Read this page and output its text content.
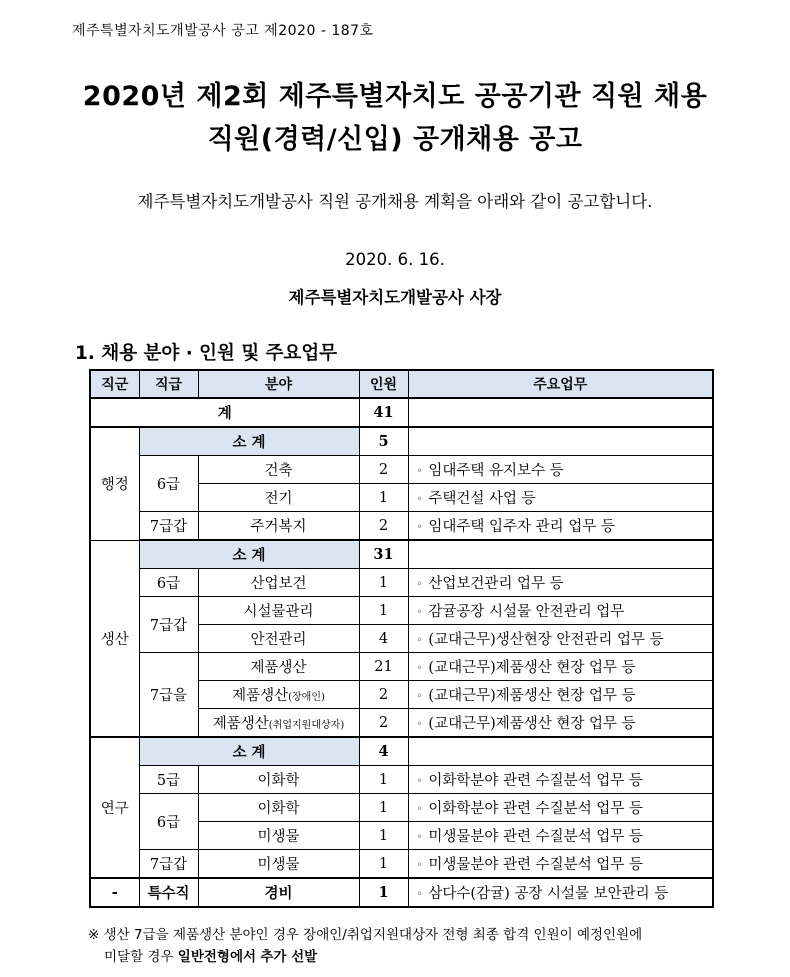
제주특별자치도개발공사 공고 제2020 - 187호
2020년 제2회 제주특별자치도 공공기관 직원 채용
직원(경력/신입) 공개채용 공고
제주특별자치도개발공사 직원 공개채용 계획을 아래와 같이 공고합니다.
2020. 6. 16.
제주특별자치도개발공사 사장
1. 채용 분야 · 인원 및 주요업무
직군	직급	분야	인원	주요업무
계			41	
행정	소 계		5	
	6급	건축	2	◦ 임대주택 유지보수 등
		전기	1	◦ 주택건설 사업 등
	7급갑	주거복지	2	◦ 임대주택 입주자 관리 업무 등
생산	소 계		31	
	6급	산업보건	1	◦ 산업보건관리 업무 등
	7급갑	시설물관리	1	◦ 감귤공장 시설물 안전관리 업무
		안전관리	4	◦ (교대근무)생산현장 안전관리 업무 등
	7급을	제품생산	21	◦ (교대근무)제품생산 현장 업무 등
		제품생산(장애인)	2	◦ (교대근무)제품생산 현장 업무 등
		제품생산(취업지원대상자)	2	◦ (교대근무)제품생산 현장 업무 등
연구	소 계		4	
	5급	이화학	1	◦ 이화학분야 관련 수질분석 업무 등
	6급	이화학	1	◦ 이화학분야 관련 수질분석 업무 등
		미생물	1	◦ 미생물분야 관련 수질분석 업무 등
	7급갑	미생물	1	◦ 미생물분야 관련 수질분석 업무 등
-	특수직	경비	1	◦ 삼다수(감귤) 공장 시설물 보안관리 등
※ 생산 7급을 제품생산 분야인 경우 장애인/취업지원대상자 전형 최종 합격 인원이 예정인원에
미달할 경우 일반전형에서 추가 선발
